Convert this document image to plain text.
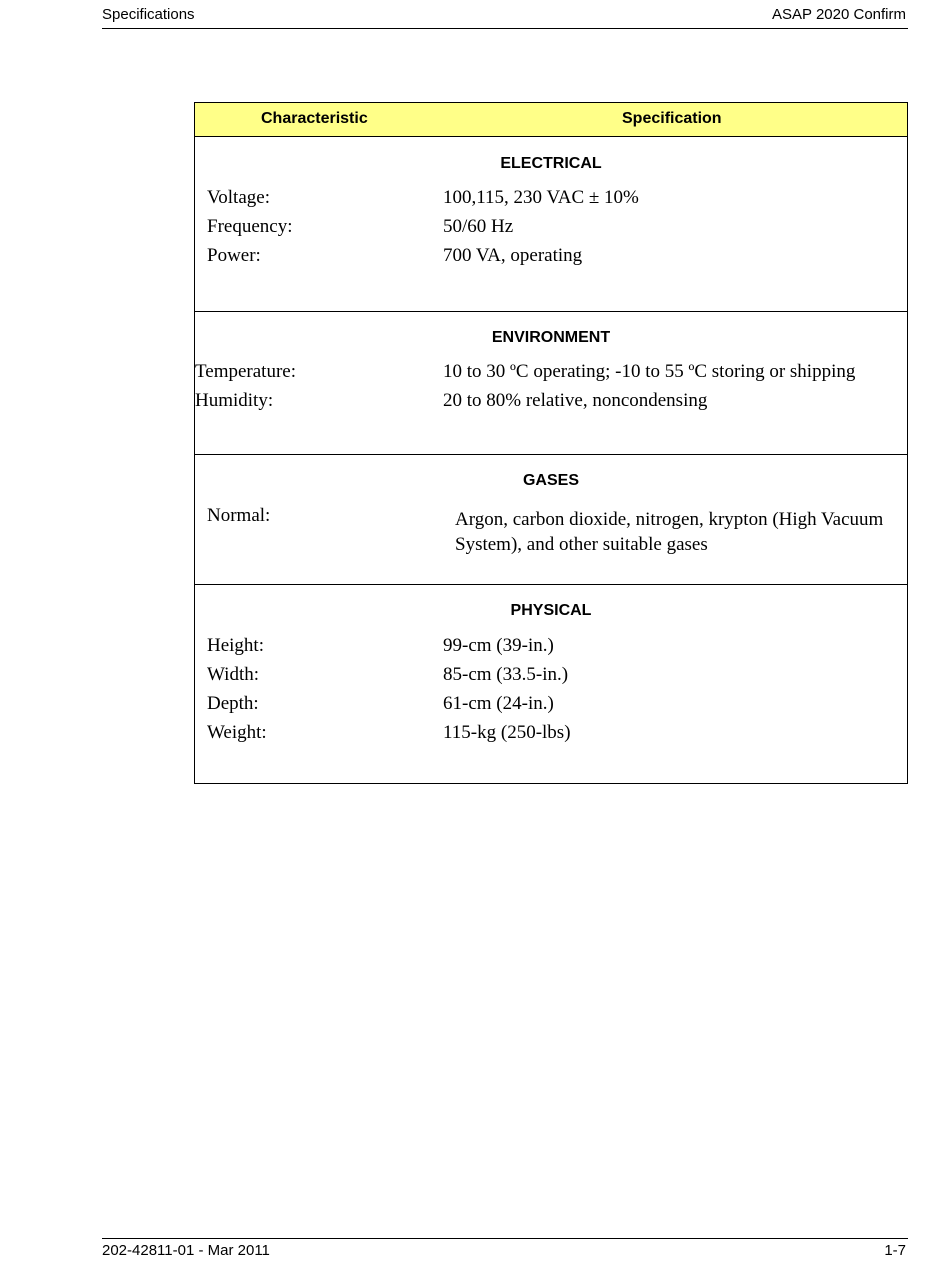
Specifications	ASAP 2020 Confirm
Characteristic	Specification
ELECTRICAL
Voltage:	100,115, 230 VAC ± 10%
Frequency:	50/60 Hz
Power:	700 VA, operating
ENVIRONMENT
Temperature:	10 to 30 ºC operating; -10 to 55 ºC storing or shipping
Humidity:	20 to 80% relative, noncondensing
GASES
Normal:	Argon, carbon dioxide, nitrogen, krypton (High Vacuum System), and other suitable gases
PHYSICAL
Height:	99-cm (39-in.)
Width:	85-cm (33.5-in.)
Depth:	61-cm (24-in.)
Weight:	115-kg (250-lbs)
202-42811-01 - Mar 2011	1-7
